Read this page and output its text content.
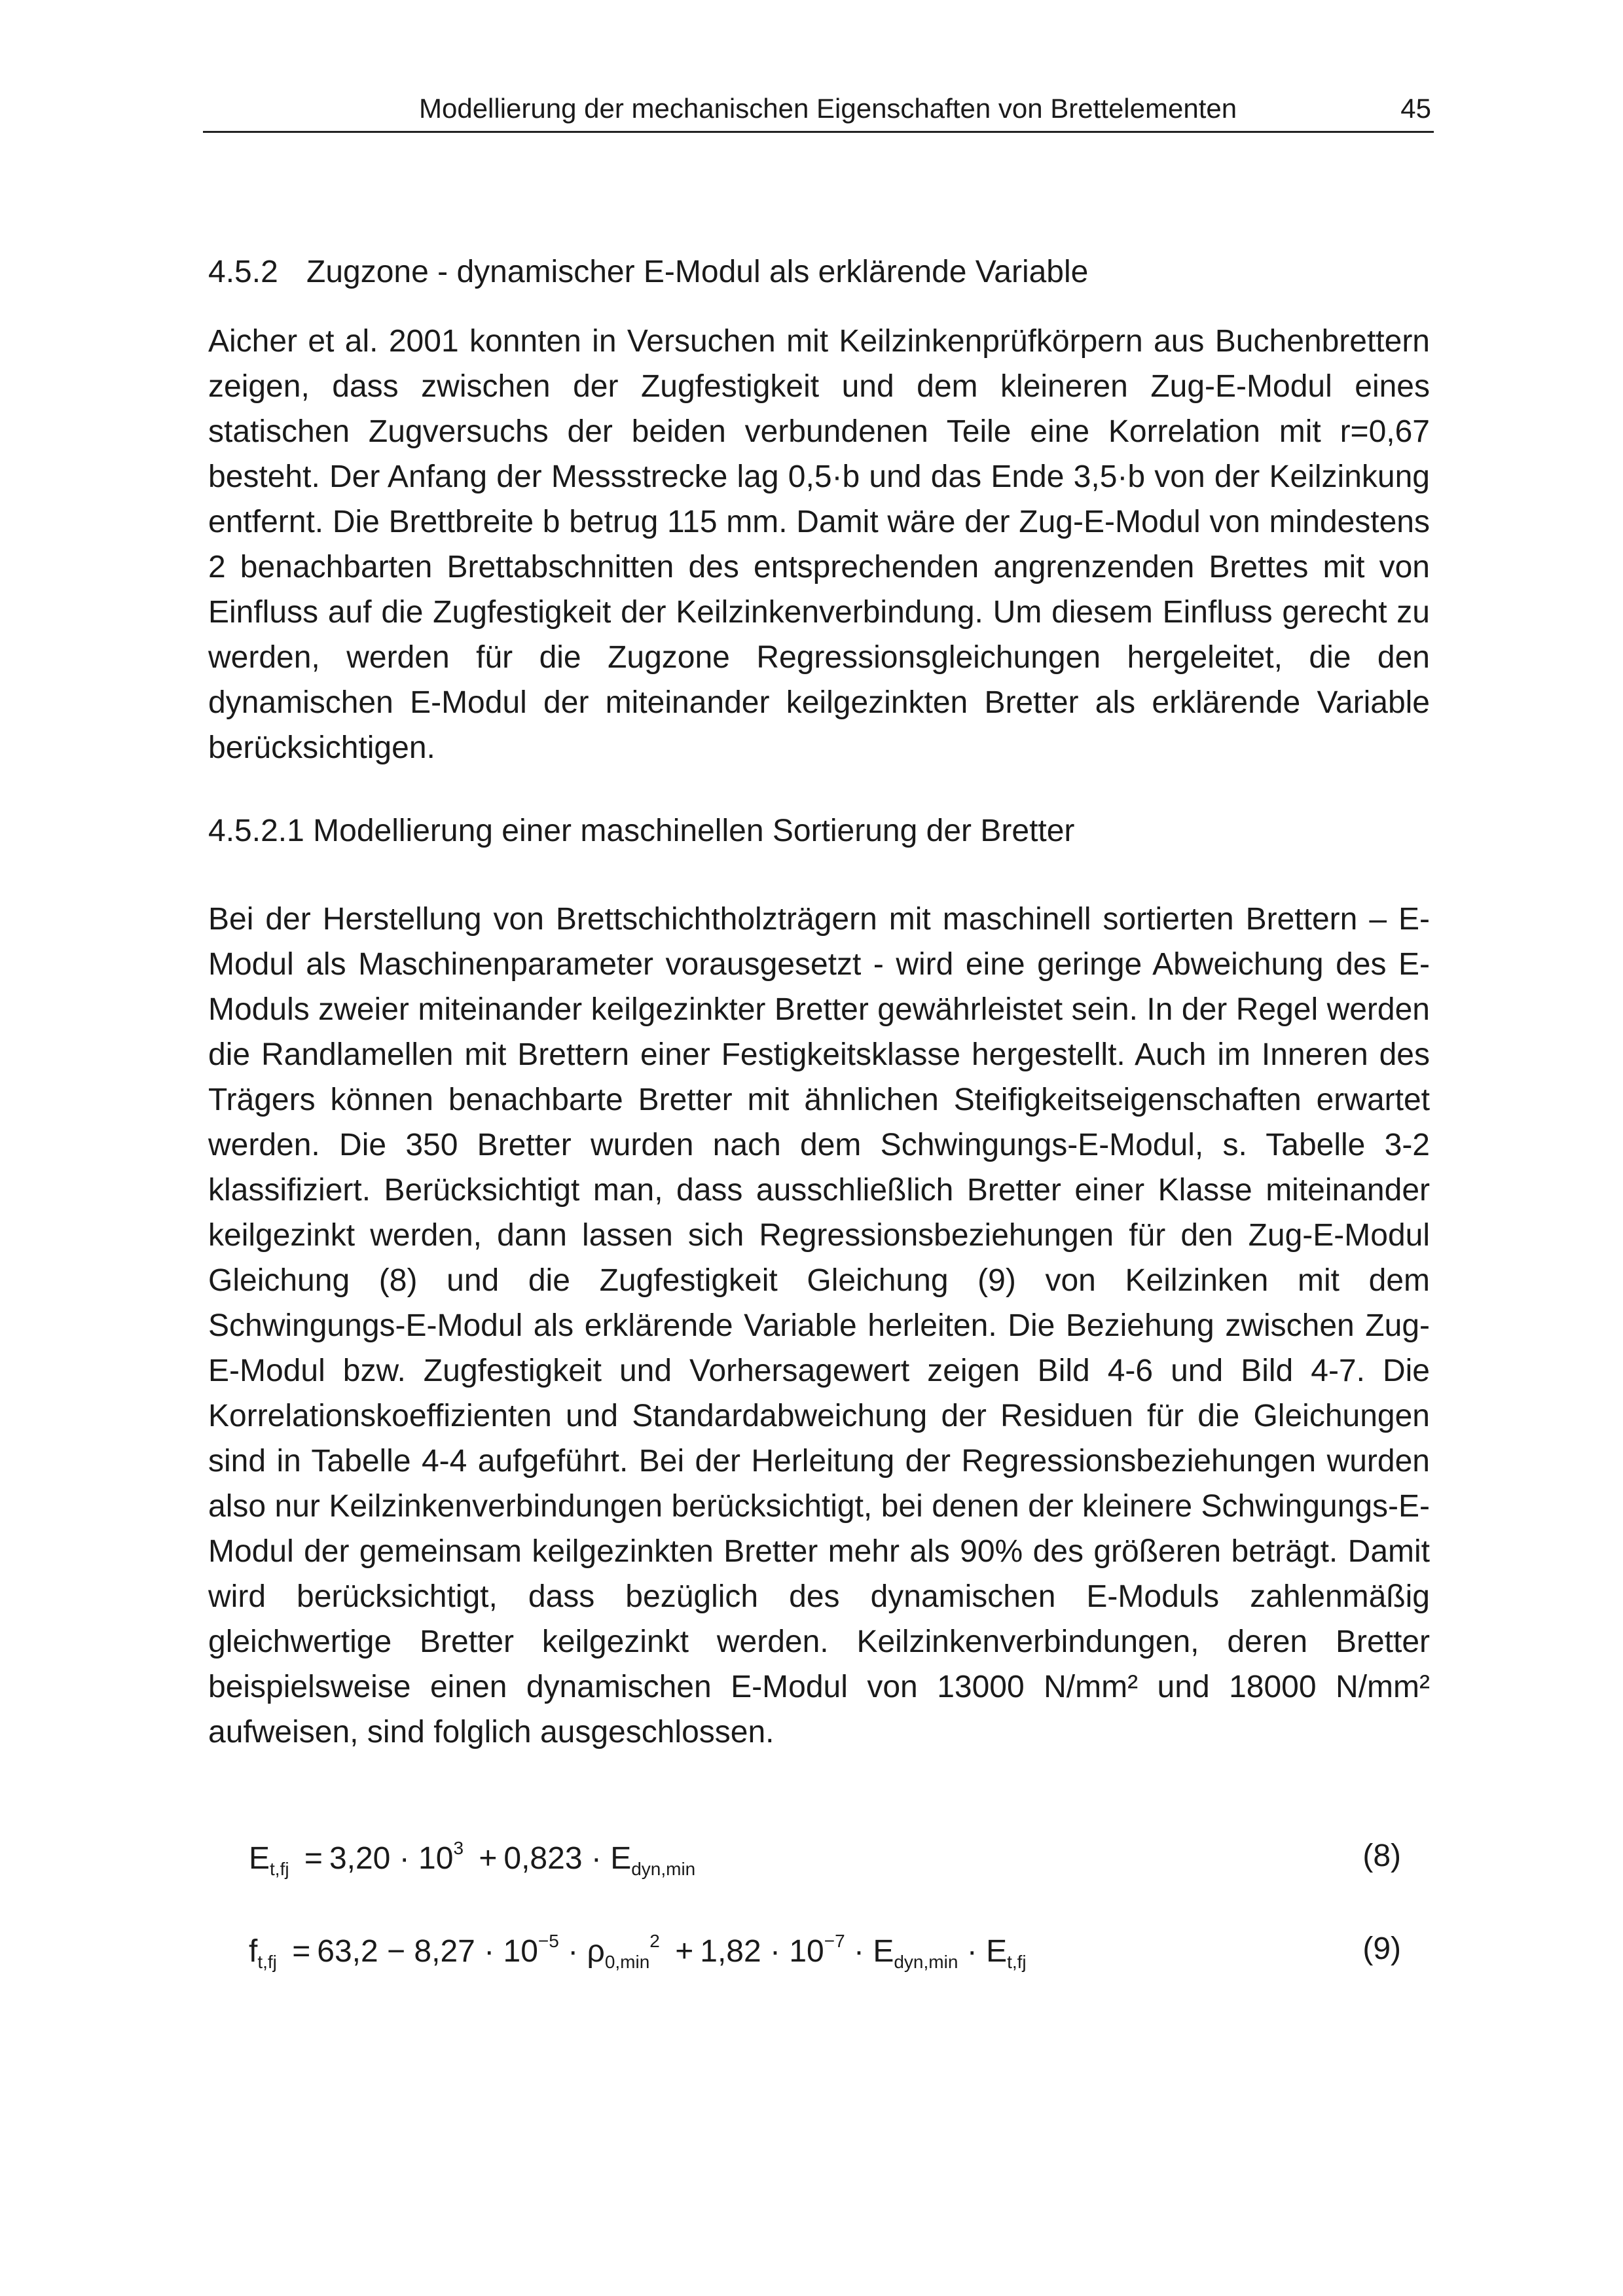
Modellierung der mechanischen Eigenschaften von Brettelementen	45
4.5.2 Zugzone - dynamischer E-Modul als erklärende Variable
Aicher et al. 2001 konnten in Versuchen mit Keilzinkenprüfkörpern aus Buchenbrettern zeigen, dass zwischen der Zugfestigkeit und dem kleineren Zug-E-Modul eines statischen Zugversuchs der beiden verbundenen Teile eine Korrelation mit r=0,67 besteht. Der Anfang der Messstrecke lag 0,5·b und das Ende 3,5·b von der Keilzinkung entfernt. Die Brettbreite b betrug 115 mm. Damit wäre der Zug-E-Modul von mindestens 2 benachbarten Brettabschnitten des entsprechenden angrenzenden Brettes mit von Einfluss auf die Zugfestigkeit der Keilzinkenverbindung. Um diesem Einfluss gerecht zu werden, werden für die Zugzone Regressionsgleichungen hergeleitet, die den dynamischen E-Modul der miteinander keilgezinkten Bretter als erklärende Variable berücksichtigen.
4.5.2.1 Modellierung einer maschinellen Sortierung der Bretter
Bei der Herstellung von Brettschichtholzträgern mit maschinell sortierten Brettern – E-Modul als Maschinenparameter vorausgesetzt - wird eine geringe Abweichung des E-Moduls zweier miteinander keilgezinkter Bretter gewährleistet sein. In der Regel werden die Randlamellen mit Brettern einer Festigkeitsklasse hergestellt. Auch im Inneren des Trägers können benachbarte Bretter mit ähnlichen Steifigkeitseigenschaften erwartet werden. Die 350 Bretter wurden nach dem Schwingungs-E-Modul, s. Tabelle 3-2 klassifiziert. Berücksichtigt man, dass ausschließlich Bretter einer Klasse miteinander keilgezinkt werden, dann lassen sich Regressionsbeziehungen für den Zug-E-Modul Gleichung (8) und die Zugfestigkeit Gleichung (9) von Keilzinken mit dem Schwingungs-E-Modul als erklärende Variable herleiten. Die Beziehung zwischen Zug-E-Modul bzw. Zugfestigkeit und Vorhersagewert zeigen Bild 4-6 und Bild 4-7. Die Korrelationskoeffizienten und Standardabweichung der Residuen für die Gleichungen sind in Tabelle 4-4 aufgeführt. Bei der Herleitung der Regressionsbeziehungen wurden also nur Keilzinkenverbindungen berücksichtigt, bei denen der kleinere Schwingungs-E-Modul der gemeinsam keilgezinkten Bretter mehr als 90% des größeren beträgt. Damit wird berücksichtigt, dass bezüglich des dynamischen E-Moduls zahlenmäßig gleichwertige Bretter keilgezinkt werden. Keilzinkenverbindungen, deren Bretter beispielsweise einen dynamischen E-Modul von 13000 N/mm² und 18000 N/mm² aufweisen, sind folglich ausgeschlossen.
$E_{t,fj} = 3,20 \cdot 10^3 + 0,823 \cdot E_{dyn,min}$	(8)
$f_{t,fj} = 63,2 - 8,27 \cdot 10^{-5} \cdot \rho_{0,min}^2 + 1,82 \cdot 10^{-7} \cdot E_{dyn,min} \cdot E_{t,fj}$	(9)
